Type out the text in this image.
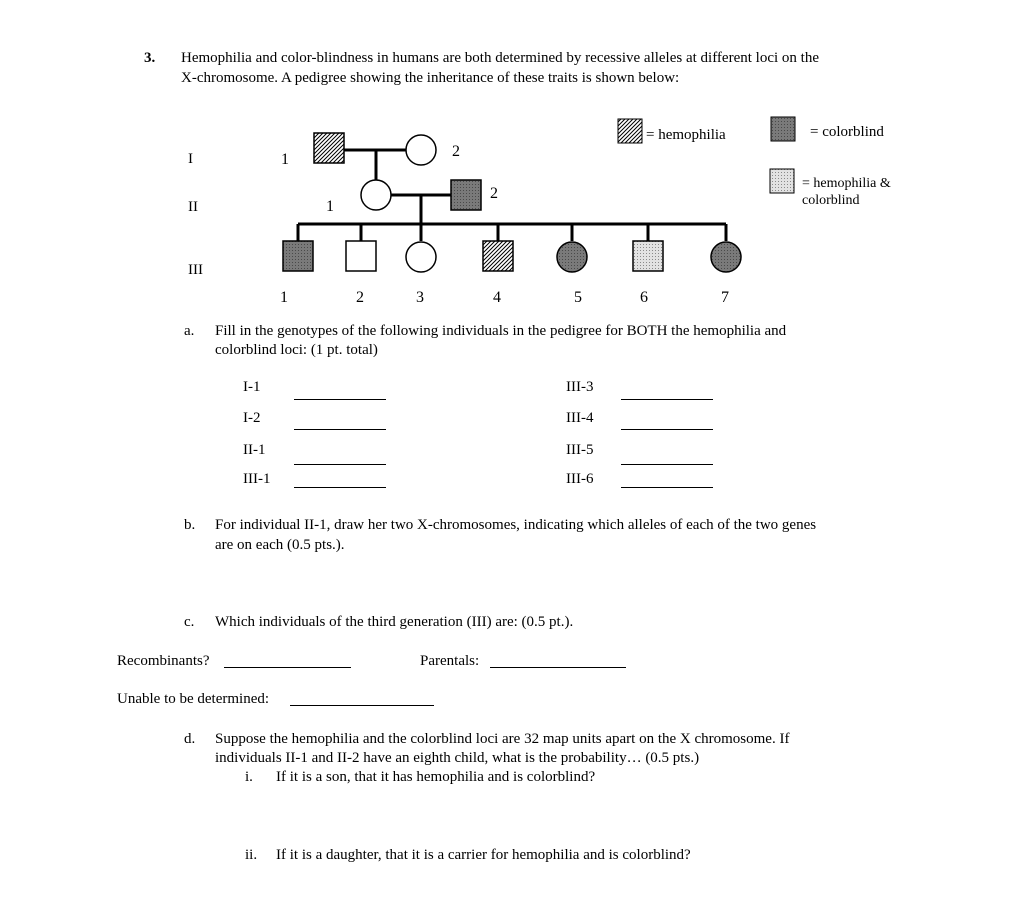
3. Hemophilia and color-blindness in humans are both determined by recessive alleles at different loci on the
X-chromosome. A pedigree showing the inheritance of these traits is shown below:
I
II
III
1	2
1
2
1	2	3	4	5	6	7
= hemophilia	= colorblind
= hemophilia &
colorblind
a. Fill in the genotypes of the following individuals in the pedigree for BOTH the hemophilia and
colorblind loci: (1 pt. total)
I-1
I-2
II-1
III-1
III-3
III-4
III-5
III-6
b. For individual II-1, draw her two X-chromosomes, indicating which alleles of each of the two genes
are on each (0.5 pts.).
c. Which individuals of the third generation (III) are: (0.5 pt.).
Recombinants?	Parentals:
Unable to be determined:
d. Suppose the hemophilia and the colorblind loci are 32 map units apart on the X chromosome. If
individuals II-1 and II-2 have an eighth child, what is the probability… (0.5 pts.)
i. If it is a son, that it has hemophilia and is colorblind?
ii. If it is a daughter, that it is a carrier for hemophilia and is colorblind?
